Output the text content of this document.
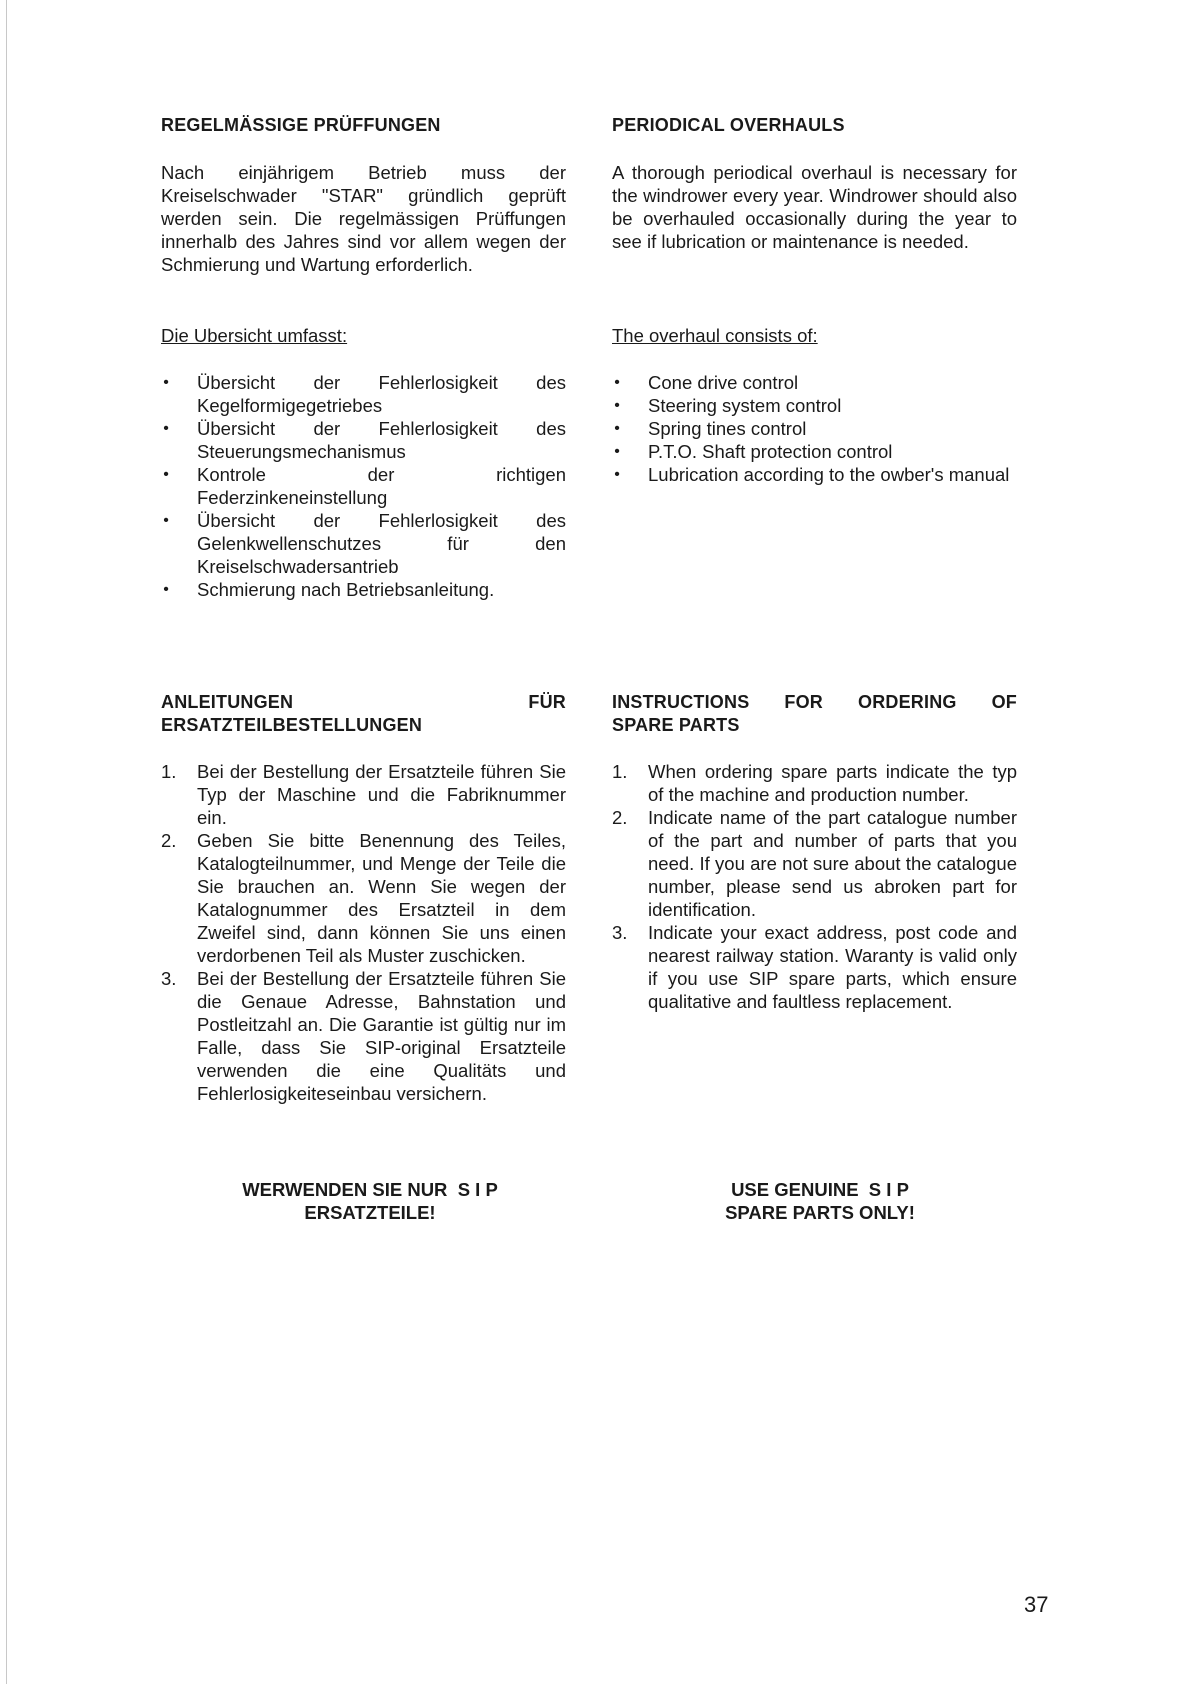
REGELMÄSSIGE PRÜFFUNGEN
Nach einjährigem Betrieb muss der Kreiselschwader "STAR" gründlich geprüft werden sein. Die regelmässigen Prüffungen innerhalb des Jahres sind vor allem wegen der Schmierung und Wartung erforderlich.
Die Ubersicht umfasst:
• Übersicht der Fehlerlosigkeit des Kegelformigegetriebes
• Übersicht der Fehlerlosigkeit des Steuerungsmechanismus
• Kontrole der richtigen Federzinkeneinstellung
• Übersicht der Fehlerlosigkeit des Gelenkwellenschutzes für den Kreiselschwadersantrieb
• Schmierung nach Betriebsanleitung.
ANLEITUNGEN FÜR
ERSATZTEILBESTELLUNGEN
1. Bei der Bestellung der Ersatzteile führen Sie Typ der Maschine und die Fabriknummer ein.
2. Geben Sie bitte Benennung des Teiles, Katalogteilnummer, und Menge der Teile die Sie brauchen an. Wenn Sie wegen der Katalognummer des Ersatzteil in dem Zweifel sind, dann können Sie uns einen verdorbenen Teil als Muster zuschicken.
3. Bei der Bestellung der Ersatzteile führen Sie die Genaue Adresse, Bahnstation und Postleitzahl an. Die Garantie ist gültig nur im Falle, dass Sie SIP-original Ersatzteile verwenden die eine Qualitäts und Fehlerlosigkeiteseinbau versichern.
PERIODICAL OVERHAULS
A thorough periodical overhaul is necessary for the windrower every year. Windrower should also be overhauled occasionally during the year to see if lubrication or maintenance is needed.
The overhaul consists of:
• Cone drive control
• Steering system control
• Spring tines control
• P.T.O. Shaft protection control
• Lubrication according to the owber's manual
INSTRUCTIONS FOR ORDERING OF
SPARE PARTS
1. When ordering spare parts indicate the typ of the machine and production number.
2. Indicate name of the part catalogue number of the part and number of parts that you need. If you are not sure about the catalogue number, please send us abroken part for identification.
3. Indicate your exact address, post code and nearest railway station. Waranty is valid only if you use SIP spare parts, which ensure qualitative and faultless replacement.
WERWENDEN SIE NUR  S I P
ERSATZTEILE!
USE GENUINE  S I P
SPARE PARTS ONLY!
37
